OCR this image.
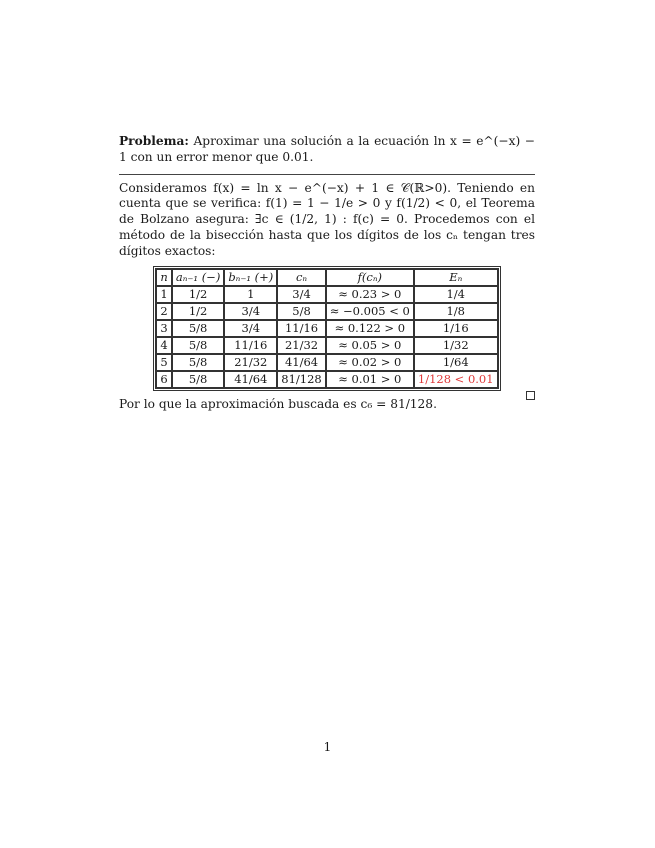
Problema: Aproximar una solución a la ecuación ln x = e^(−x) − 1 con un error menor que 0.01.

Consideramos f(x) = ln x − e^(−x) + 1 ∈ 𝒞(ℝ>0). Teniendo en cuenta que se verifica: f(1) = 1 − 1/e > 0 y f(1/2) < 0, el Teorema de Bolzano asegura: ∃c ∈ (1/2, 1) : f(c) = 0. Procedemos con el método de la bisección hasta que los dígitos de los cₙ tengan tres dígitos exactos:

n	aₙ₋₁ (−)	bₙ₋₁ (+)	cₙ	f(cₙ)	Eₙ
1	1/2	1	3/4	≈ 0.23 > 0	1/4
2	1/2	3/4	5/8	≈ −0.005 < 0	1/8
3	5/8	3/4	11/16	≈ 0.122 > 0	1/16
4	5/8	11/16	21/32	≈ 0.05 > 0	1/32
5	5/8	21/32	41/64	≈ 0.02 > 0	1/64
6	5/8	41/64	81/128	≈ 0.01 > 0	1/128 < 0.01

Por lo que la aproximación buscada es c₆ = 81/128.

1
